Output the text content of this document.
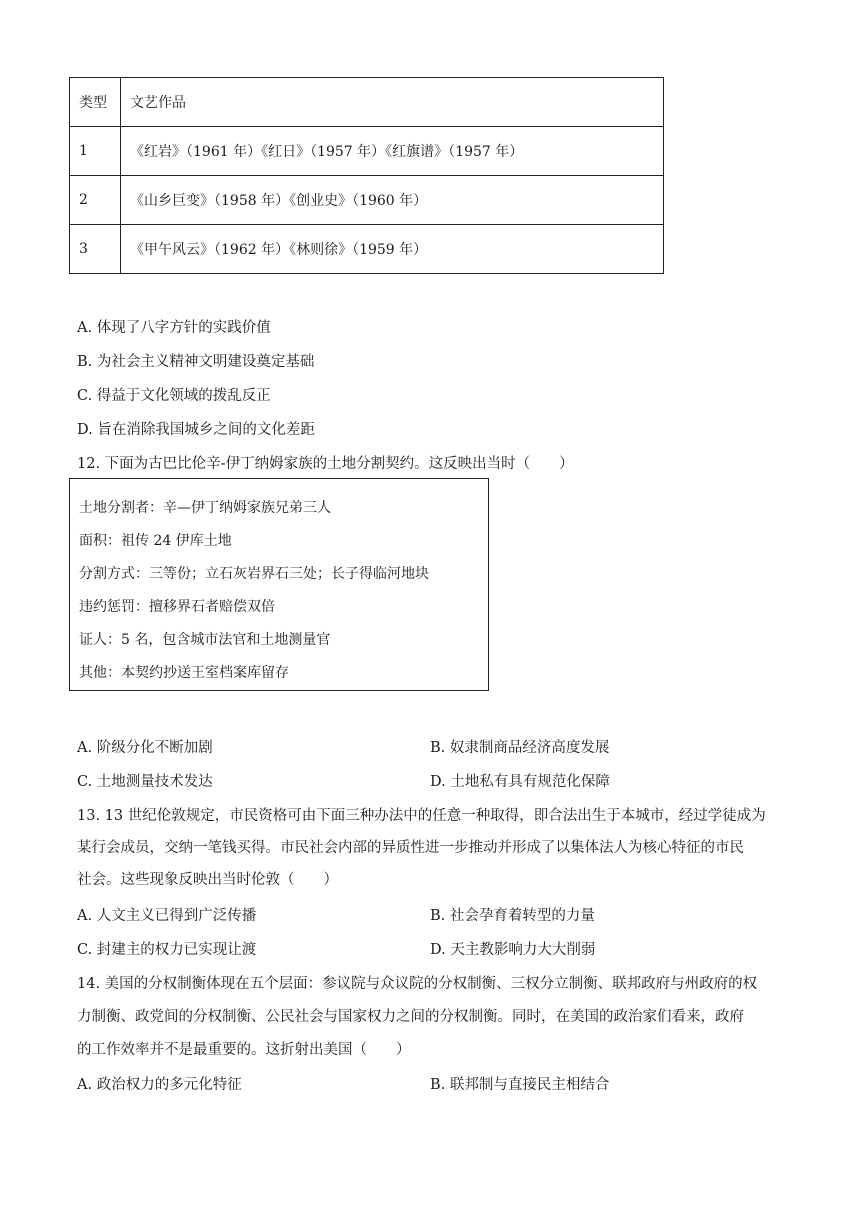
类型	文艺作品
1	《红岩》（1961 年）《红日》（1957 年）《红旗谱》（1957 年）
2	《山乡巨变》（1958 年）《创业史》（1960 年）
3	《甲午风云》（1962 年）《林则徐》（1959 年）
A. 体现了八字方针的实践价值
B. 为社会主义精神文明建设奠定基础
C. 得益于文化领域的拨乱反正
D. 旨在消除我国城乡之间的文化差距
12. 下面为古巴比伦辛-伊丁纳姆家族的土地分割契约。这反映出当时（　　）
土地分割者：辛—伊丁纳姆家族兄弟三人
面积：祖传 24 伊库土地
分割方式：三等份；立石灰岩界石三处；长子得临河地块
违约惩罚：擅移界石者赔偿双倍
证人：5 名，包含城市法官和土地测量官
其他：本契约抄送王室档案库留存
A. 阶级分化不断加剧	B. 奴隶制商品经济高度发展
C. 土地测量技术发达	D. 土地私有具有规范化保障
13. 13 世纪伦敦规定，市民资格可由下面三种办法中的任意一种取得，即合法出生于本城市，经过学徒成为
某行会成员，交纳一笔钱买得。市民社会内部的异质性进一步推动并形成了以集体法人为核心特征的市民
社会。这些现象反映出当时伦敦（　　）
A. 人文主义已得到广泛传播	B. 社会孕育着转型的力量
C. 封建主的权力已实现让渡	D. 天主教影响力大大削弱
14. 美国的分权制衡体现在五个层面：参议院与众议院的分权制衡、三权分立制衡、联邦政府与州政府的权
力制衡、政党间的分权制衡、公民社会与国家权力之间的分权制衡。同时，在美国的政治家们看来，政府
的工作效率并不是最重要的。这折射出美国（　　）
A. 政治权力的多元化特征	B. 联邦制与直接民主相结合
